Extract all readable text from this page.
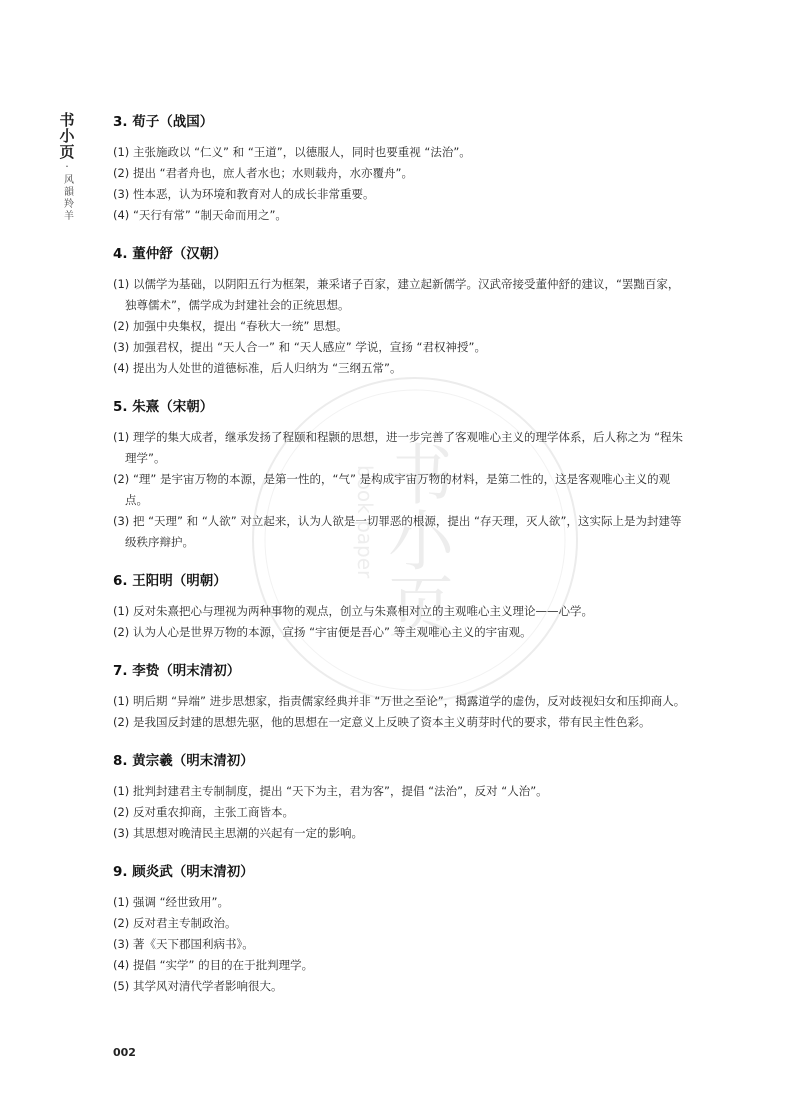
书小页
·
风韻羚羊
书小页
book paper
3. 荀子（战国）

(1) 主张施政以 “仁义” 和 “王道”，以德服人，同时也要重视 “法治”。

(2) 提出 “君者舟也，庶人者水也；水则载舟，水亦覆舟”。

(3) 性本恶，认为环境和教育对人的成长非常重要。

(4) “天行有常” “制天命而用之”。

4. 董仲舒（汉朝）

(1) 以儒学为基础，以阴阳五行为框架，兼采诸子百家，建立起新儒学。汉武帝接受董仲舒的建议，“罢黜百家，独尊儒术”，儒学成为封建社会的正统思想。

(2) 加强中央集权，提出 “春秋大一统” 思想。

(3) 加强君权，提出 “天人合一” 和 “天人感应” 学说，宣扬 “君权神授”。

(4) 提出为人处世的道德标准，后人归纳为 “三纲五常”。

5. 朱熹（宋朝）

(1) 理学的集大成者，继承发扬了程颐和程颢的思想，进一步完善了客观唯心主义的理学体系，后人称之为 “程朱理学”。

(2) “理” 是宇宙万物的本源，是第一性的，“气” 是构成宇宙万物的材料，是第二性的，这是客观唯心主义的观点。

(3) 把 “天理” 和 “人欲” 对立起来，认为人欲是一切罪恶的根源，提出 “存天理，灭人欲”，这实际上是为封建等级秩序辩护。

6. 王阳明（明朝）

(1) 反对朱熹把心与理视为两种事物的观点，创立与朱熹相对立的主观唯心主义理论——心学。

(2) 认为人心是世界万物的本源，宣扬 “宇宙便是吾心” 等主观唯心主义的宇宙观。

7. 李贽（明末清初）

(1) 明后期 “异端” 进步思想家，指责儒家经典并非 “万世之至论”，揭露道学的虚伪，反对歧视妇女和压抑商人。

(2) 是我国反封建的思想先驱，他的思想在一定意义上反映了资本主义萌芽时代的要求，带有民主性色彩。

8. 黄宗羲（明末清初）

(1) 批判封建君主专制制度，提出 “天下为主，君为客”，提倡 “法治”，反对 “人治”。

(2) 反对重农抑商，主张工商皆本。

(3) 其思想对晚清民主思潮的兴起有一定的影响。

9. 顾炎武（明末清初）

(1) 强调 “经世致用”。

(2) 反对君主专制政治。

(3) 著《天下郡国利病书》。

(4) 提倡 “实学” 的目的在于批判理学。

(5) 其学风对清代学者影响很大。

002
